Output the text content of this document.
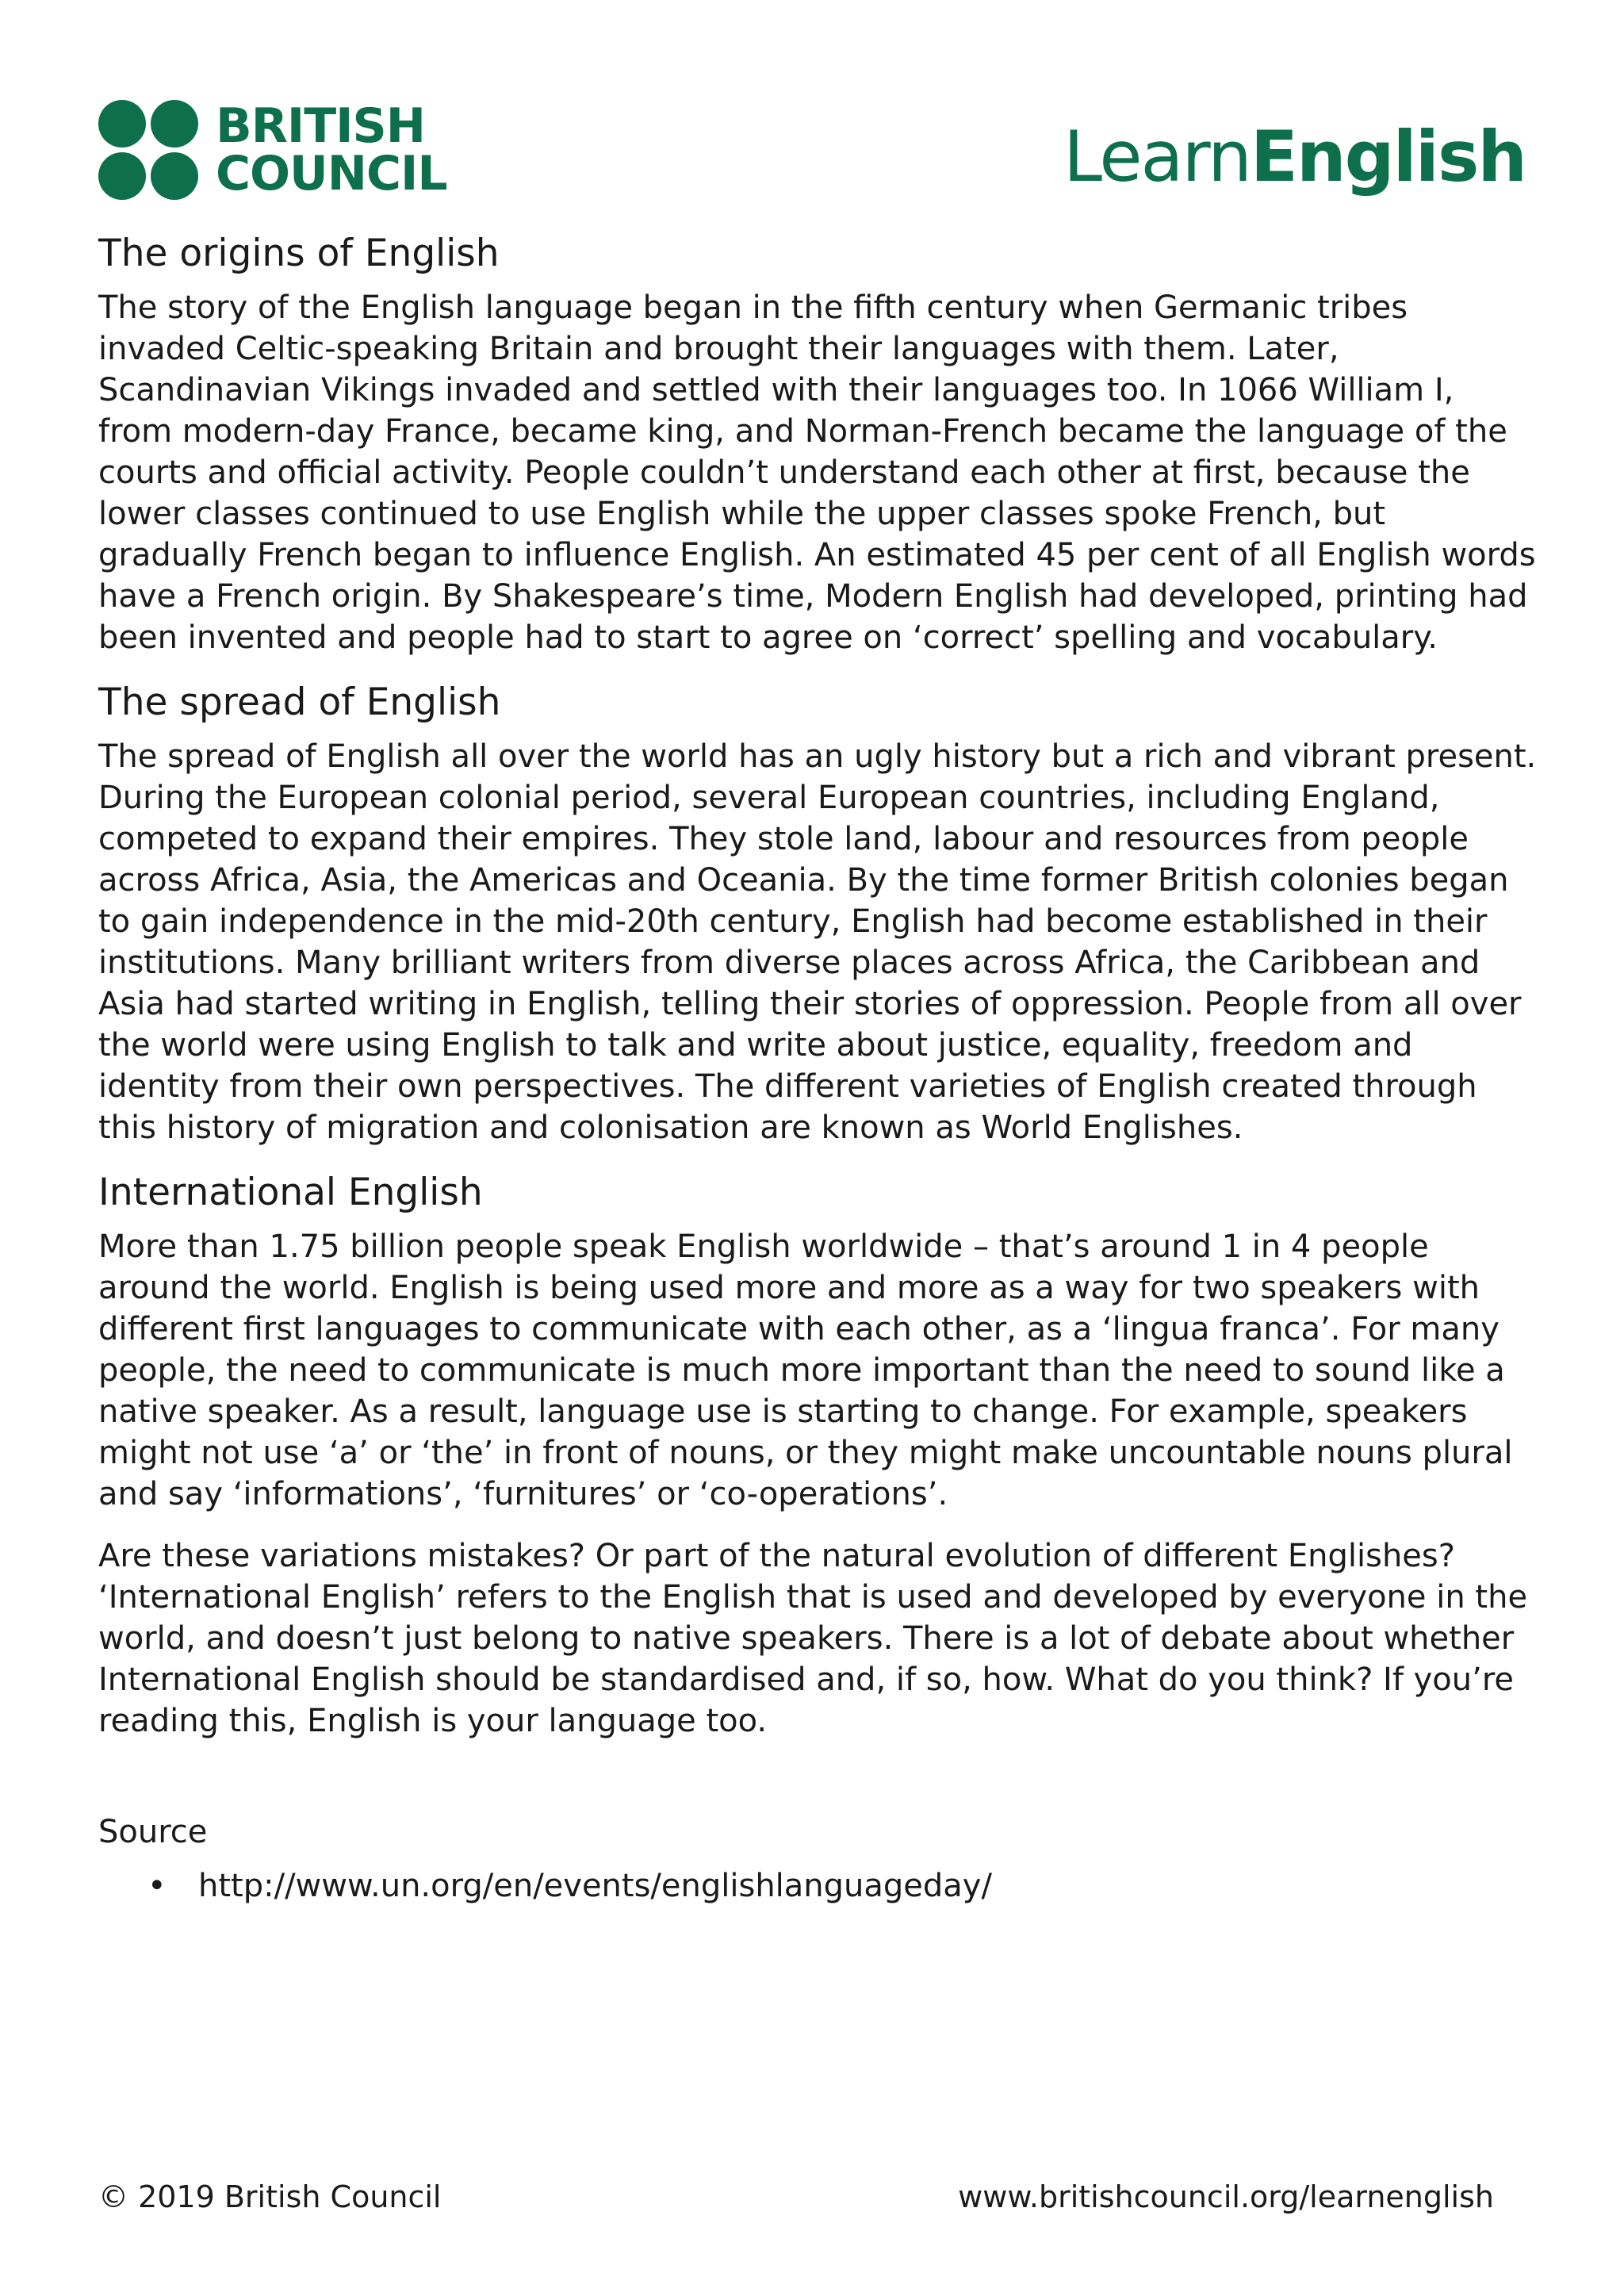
BRITISH
COUNCIL	LearnEnglish
The origins of English

The story of the English language began in the fifth century when Germanic tribes invaded Celtic-speaking Britain and brought their languages with them. Later, Scandinavian Vikings invaded and settled with their languages too. In 1066 William I, from modern-day France, became king, and Norman-French became the language of the courts and official activity. People couldn’t understand each other at first, because the lower classes continued to use English while the upper classes spoke French, but gradually French began to influence English. An estimated 45 per cent of all English words have a French origin. By Shakespeare’s time, Modern English had developed, printing had been invented and people had to start to agree on ‘correct’ spelling and vocabulary.

The spread of English

The spread of English all over the world has an ugly history but a rich and vibrant present. During the European colonial period, several European countries, including England, competed to expand their empires. They stole land, labour and resources from people across Africa, Asia, the Americas and Oceania. By the time former British colonies began to gain independence in the mid-20th century, English had become established in their institutions. Many brilliant writers from diverse places across Africa, the Caribbean and Asia had started writing in English, telling their stories of oppression. People from all over the world were using English to talk and write about justice, equality, freedom and identity from their own perspectives. The different varieties of English created through this history of migration and colonisation are known as World Englishes.

International English

More than 1.75 billion people speak English worldwide – that’s around 1 in 4 people around the world. English is being used more and more as a way for two speakers with different first languages to communicate with each other, as a ‘lingua franca’. For many people, the need to communicate is much more important than the need to sound like a native speaker. As a result, language use is starting to change. For example, speakers might not use ‘a’ or ‘the’ in front of nouns, or they might make uncountable nouns plural and say ‘informations’, ‘furnitures’ or ‘co-operations’.

Are these variations mistakes? Or part of the natural evolution of different Englishes? ‘International English’ refers to the English that is used and developed by everyone in the world, and doesn’t just belong to native speakers. There is a lot of debate about whether International English should be standardised and, if so, how. What do you think? If you’re reading this, English is your language too.

Source
• http://www.un.org/en/events/englishlanguageday/
© 2019 British Council	www.britishcouncil.org/learnenglish
